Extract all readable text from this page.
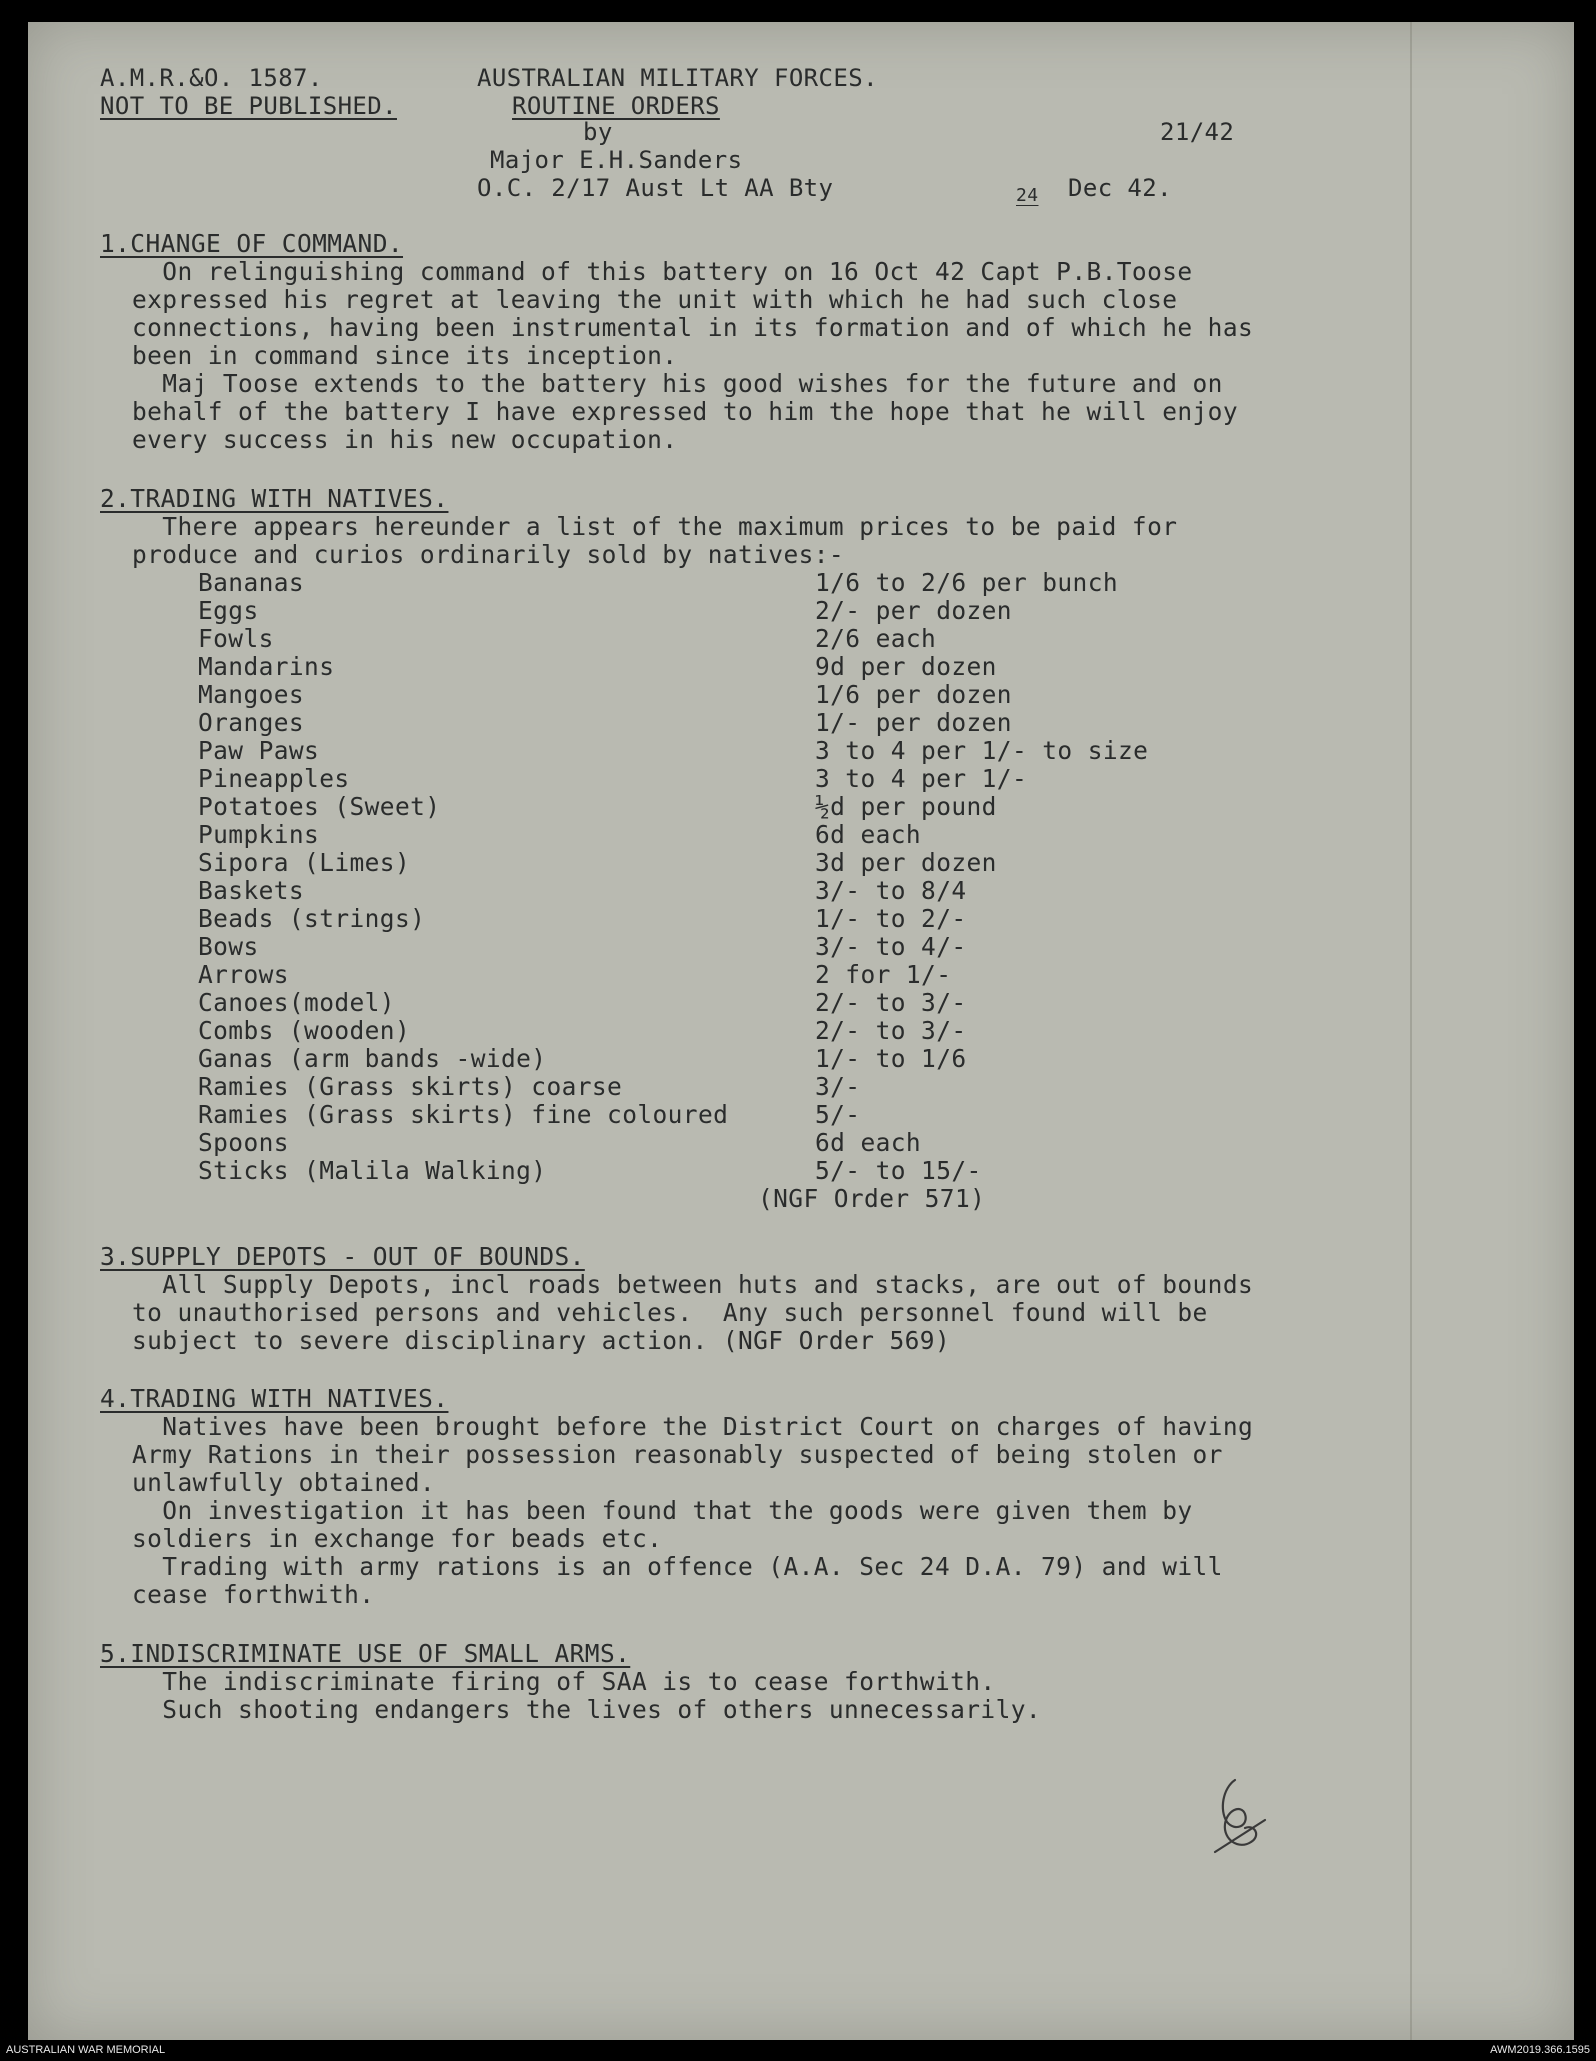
A.M.R.&O. 1587.
NOT TO BE PUBLISHED.
AUSTRALIAN MILITARY FORCES.
ROUTINE ORDERS
by
Major E.H.Sanders
O.C. 2/17 Aust Lt AA Bty
21/42
24 Dec 42.
1.CHANGE OF COMMAND.
On relinguishing command of this battery on 16 Oct 42 Capt P.B.Toose
expressed his regret at leaving the unit with which he had such close
connections, having been instrumental in its formation and of which he has
been in command since its inception.
Maj Toose extends to the battery his good wishes for the future and on
behalf of the battery I have expressed to him the hope that he will enjoy
every success in his new occupation.
2.TRADING WITH NATIVES.
There appears hereunder a list of the maximum prices to be paid for
produce and curios ordinarily sold by natives:-
Bananas	1/6 to 2/6 per bunch
Eggs	2/- per dozen
Fowls	2/6 each
Mandarins	9d per dozen
Mangoes	1/6 per dozen
Oranges	1/- per dozen
Paw Paws	3 to 4 per 1/- to size
Pineapples	3 to 4 per 1/-
Potatoes (Sweet)	½d per pound
Pumpkins	6d each
Sipora (Limes)	3d per dozen
Baskets	3/- to 8/4
Beads (strings)	1/- to 2/-
Bows	3/- to 4/-
Arrows	2 for 1/-
Canoes(model)	2/- to 3/-
Combs (wooden)	2/- to 3/-
Ganas (arm bands -wide)	1/- to 1/6
Ramies (Grass skirts) coarse	3/-
Ramies (Grass skirts) fine coloured	5/-
Spoons	6d each
Sticks (Malila Walking)	5/- to 15/-
(NGF Order 571)
3.SUPPLY DEPOTS - OUT OF BOUNDS.
All Supply Depots, incl roads between huts and stacks, are out of bounds
to unauthorised persons and vehicles.  Any such personnel found will be
subject to severe disciplinary action. (NGF Order 569)
4.TRADING WITH NATIVES.
Natives have been brought before the District Court on charges of having
Army Rations in their possession reasonably suspected of being stolen or
unlawfully obtained.
On investigation it has been found that the goods were given them by
soldiers in exchange for beads etc.
Trading with army rations is an offence (A.A. Sec 24 D.A. 79) and will
cease forthwith.
5.INDISCRIMINATE USE OF SMALL ARMS.
The indiscriminate firing of SAA is to cease forthwith.
Such shooting endangers the lives of others unnecessarily.
AUSTRALIAN WAR MEMORIAL	AWM2019.366.1595
